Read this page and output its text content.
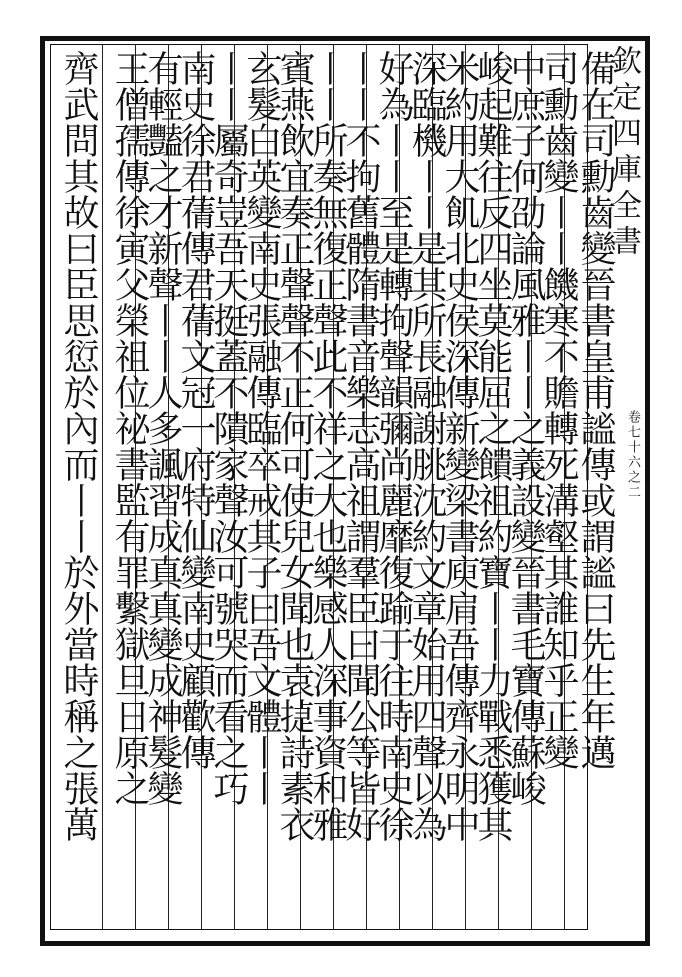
欽定四庫全書
卷七十六之二
備在司勳齒變晉書皇甫謐傳或謂謐曰先生年邁
司勳齒變丨丨饑寒不贍轉死溝壑其誰知乎正變
中庶子何劭論風雅丨丨之義設變晉書毛寶傳蘇峻
峻起難往反四坐莫能屈之饋祖約寶丨丨力戰悉獲其
米約用大飢北史侯深傳新變梁書庾肩吾傳齊永明中
深臨機丨丨是其所長融謝朓沈約文章始用四聲以為
好為丨丨至是轉拘聲韻彌尚麗靡復踰于往時南史徐
丨丨不拘舊體隋書音樂志高祖謂羣臣曰聞公等皆好
丨丨所奏無復正聲此不祥之大也樂感人深事資和雅
賓燕飲宜奏正聲聲不正何可使兒女聞也袁㨗詩素衣
玄髮白英變南史張融傳臨卒戒其子曰吾文體丨丨
丨丨屬奇豈吾天挺蓋不隤家聲汝可號哭而看之巧
南史徐君蒨傳君蒨文冠一府特仙變南史顧歡傳
有輕豔之才新聲丨丨人多諷習成真真變成神髮變
王僧孺傳徐寅父榮祖位祕書監有罪繫獄旦日原之
齊武問其故曰臣思愆於內而丨丨於外當時稱之張萬
